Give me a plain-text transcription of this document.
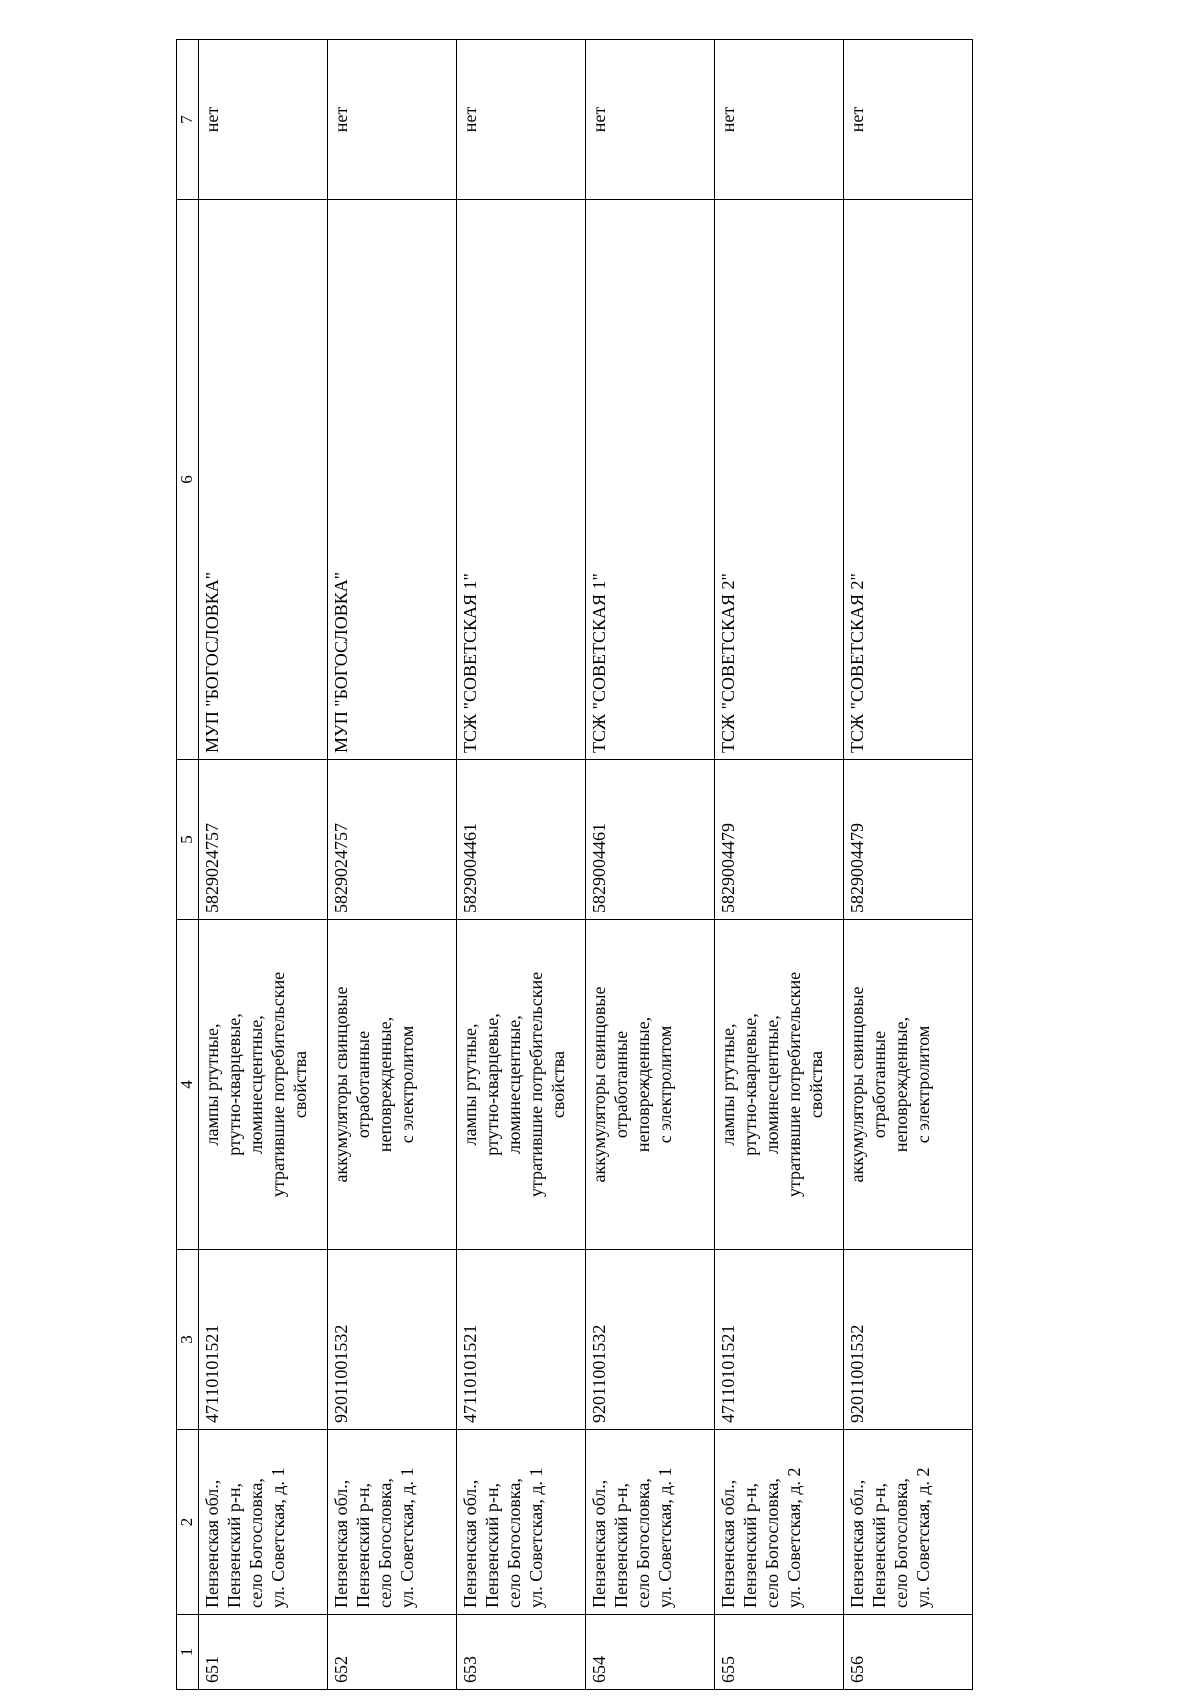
1	2	3	4	5	6	7
651	Пензенская обл., Пензенский р-н, село Богословка, ул. Советская, д. 1	47110101521	лампы ртутные, ртутно-кварцевые, люминесцентные, утратившие потребительские свойства	5829024757	МУП "БОГОСЛОВКА"	нет
652	Пензенская обл., Пензенский р-н, село Богословка, ул. Советская, д. 1	92011001532	аккумуляторы свинцовые отработанные неповрежденные, с электролитом	5829024757	МУП "БОГОСЛОВКА"	нет
653	Пензенская обл., Пензенский р-н, село Богословка, ул. Советская, д. 1	47110101521	лампы ртутные, ртутно-кварцевые, люминесцентные, утратившие потребительские свойства	5829004461	ТСЖ "СОВЕТСКАЯ 1"	нет
654	Пензенская обл., Пензенский р-н, село Богословка, ул. Советская, д. 1	92011001532	аккумуляторы свинцовые отработанные неповрежденные, с электролитом	5829004461	ТСЖ "СОВЕТСКАЯ 1"	нет
655	Пензенская обл., Пензенский р-н, село Богословка, ул. Советская, д. 2	47110101521	лампы ртутные, ртутно-кварцевые, люминесцентные, утратившие потребительские свойства	5829004479	ТСЖ "СОВЕТСКАЯ 2"	нет
656	Пензенская обл., Пензенский р-н, село Богословка, ул. Советская, д. 2	92011001532	аккумуляторы свинцовые отработанные неповрежденные, с электролитом	5829004479	ТСЖ "СОВЕТСКАЯ 2"	нет
